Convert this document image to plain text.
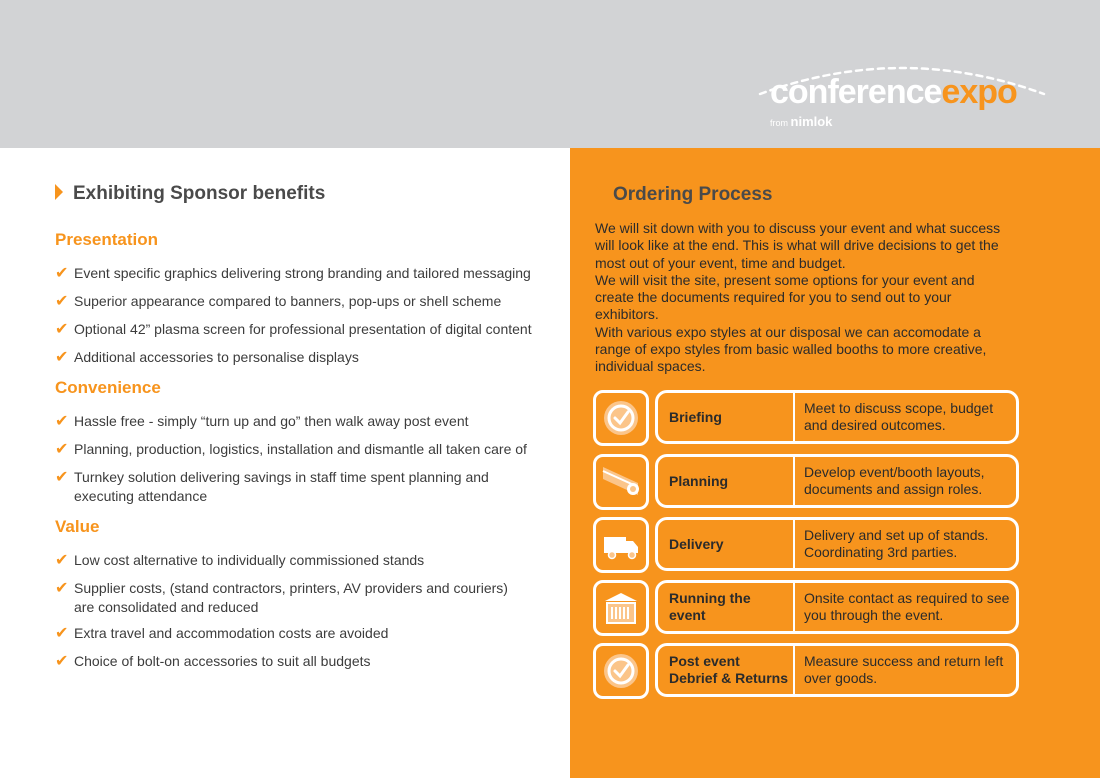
conferenceexpo
from nimlok
Exhibiting Sponsor benefits
Presentation
✔ Event specific graphics delivering strong branding and tailored messaging
✔ Superior appearance compared to banners, pop-ups or shell scheme
✔ Optional 42” plasma screen for professional presentation of digital content
✔ Additional accessories to personalise displays
Convenience
✔ Hassle free - simply “turn up and go” then walk away post event
✔ Planning, production, logistics, installation and dismantle all taken care of
✔ Turnkey solution delivering savings in staff time spent planning and executing attendance
Value
✔ Low cost alternative to individually commissioned stands
✔ Supplier costs, (stand contractors, printers, AV providers and couriers) are consolidated and reduced
✔ Extra travel and accommodation costs are avoided
✔ Choice of bolt-on accessories to suit all budgets
Ordering Process

We will sit down with you to discuss your event and what success will look like at the end. This is what will drive decisions to get the most out of your event, time and budget.

We will visit the site, present some options for your event and create the documents required for you to send out to your exhibitors.

With various expo styles at our disposal we can accomodate a range of expo styles from basic walled booths to more creative, individual spaces.

Briefing
Meet to discuss scope, budget and desired outcomes.
Planning
Develop event/booth layouts, documents and assign roles.
Delivery
Delivery and set up of stands. Coordinating 3rd parties.
Running the event
Onsite contact as required to see you through the event.
Post event Debrief & Returns
Measure success and return left over goods.
